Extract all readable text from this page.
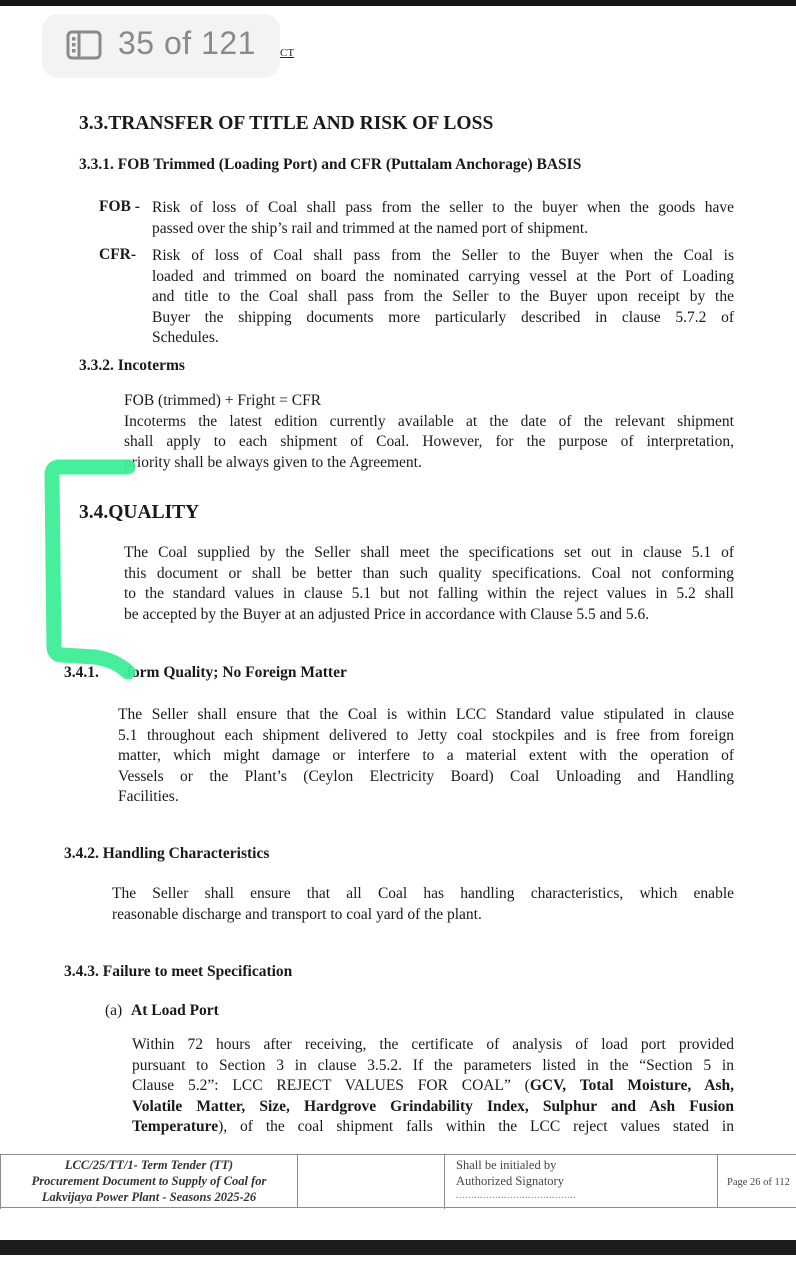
35 of 121 CT
3.3.TRANSFER OF TITLE AND RISK OF LOSS
3.3.1. FOB Trimmed (Loading Port) and CFR (Puttalam Anchorage) BASIS
FOB - Risk of loss of Coal shall pass from the seller to the buyer when the goods have
passed over the ship’s rail and trimmed at the named port of shipment.
CFR- Risk of loss of Coal shall pass from the Seller to the Buyer when the Coal is
loaded and trimmed on board the nominated carrying vessel at the Port of Loading
and title to the Coal shall pass from the Seller to the Buyer upon receipt by the
Buyer the shipping documents more particularly described in clause 5.7.2 of
Schedules.
3.3.2. Incoterms
FOB (trimmed) + Fright = CFR
Incoterms the latest edition currently available at the date of the relevant shipment
shall apply to each shipment of Coal. However, for the purpose of interpretation,
priority shall be always given to the Agreement.
3.4.QUALITY
The Coal supplied by the Seller shall meet the specifications set out in clause 5.1 of
this document or shall be better than such quality specifications. Coal not conforming
to the standard values in clause 5.1 but not falling within the reject values in 5.2 shall
be accepted by the Buyer at an adjusted Price in accordance with Clause 5.5 and 5.6.
3.4.1. form Quality; No Foreign Matter
The Seller shall ensure that the Coal is within LCC Standard value stipulated in clause
5.1 throughout each shipment delivered to Jetty coal stockpiles and is free from foreign
matter, which might damage or interfere to a material extent with the operation of
Vessels or the Plant’s (Ceylon Electricity Board) Coal Unloading and Handling
Facilities.
3.4.2. Handling Characteristics
The Seller shall ensure that all Coal has handling characteristics, which enable
reasonable discharge and transport to coal yard of the plant.
3.4.3. Failure to meet Specification
(a) At Load Port
Within 72 hours after receiving, the certificate of analysis of load port provided
pursuant to Section 3 in clause 3.5.2. If the parameters listed in the “Section 5 in
Clause 5.2”: LCC REJECT VALUES FOR COAL” (GCV, Total Moisture, Ash,
Volatile Matter, Size, Hardgrove Grindability Index, Sulphur and Ash Fusion
Temperature), of the coal shipment falls within the LCC reject values stated in
LCC/25/TT/1- Term Tender (TT)
Procurement Document to Supply of Coal for
Lakvijaya Power Plant - Seasons 2025-26
Shall be initialed by
Authorized Signatory
........................................
Page 26 of 112
